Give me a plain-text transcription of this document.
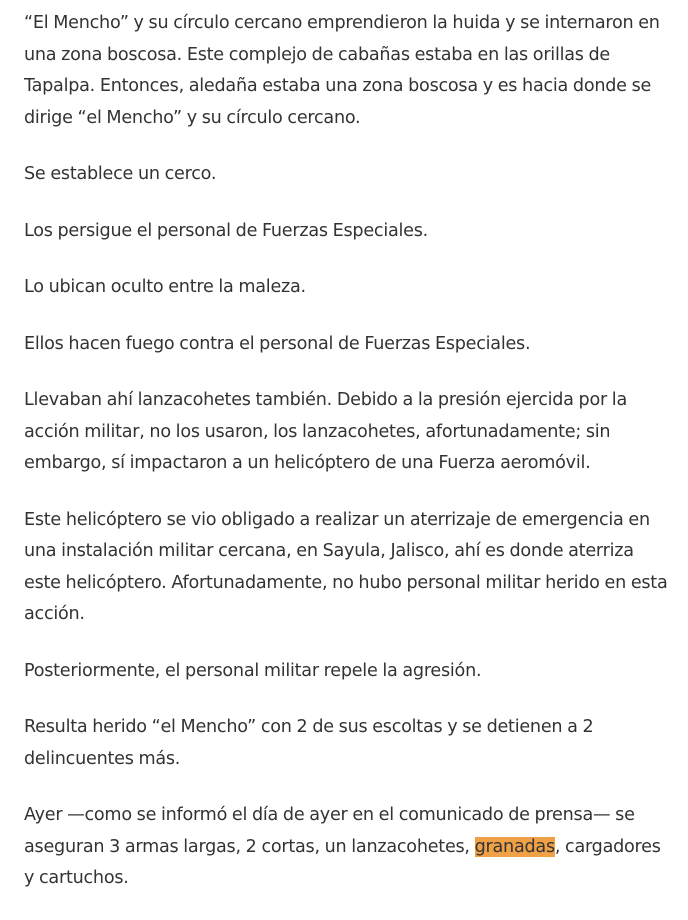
“El Mencho” y su círculo cercano emprendieron la huida y se internaron en una zona boscosa. Este complejo de cabañas estaba en las orillas de Tapalpa. Entonces, aledaña estaba una zona boscosa y es hacia donde se dirige “el Mencho” y su círculo cercano.

Se establece un cerco.

Los persigue el personal de Fuerzas Especiales.

Lo ubican oculto entre la maleza.

Ellos hacen fuego contra el personal de Fuerzas Especiales.

Llevaban ahí lanzacohetes también. Debido a la presión ejercida por la acción militar, no los usaron, los lanzacohetes, afortunadamente; sin embargo, sí impactaron a un helicóptero de una Fuerza aeromóvil.

Este helicóptero se vio obligado a realizar un aterrizaje de emergencia en una instalación militar cercana, en Sayula, Jalisco, ahí es donde aterriza este helicóptero. Afortunadamente, no hubo personal militar herido en esta acción.

Posteriormente, el personal militar repele la agresión.

Resulta herido “el Mencho” con 2 de sus escoltas y se detienen a 2 delincuentes más.

Ayer —como se informó el día de ayer en el comunicado de prensa— se aseguran 3 armas largas, 2 cortas, un lanzacohetes, granadas, cargadores y cartuchos.
